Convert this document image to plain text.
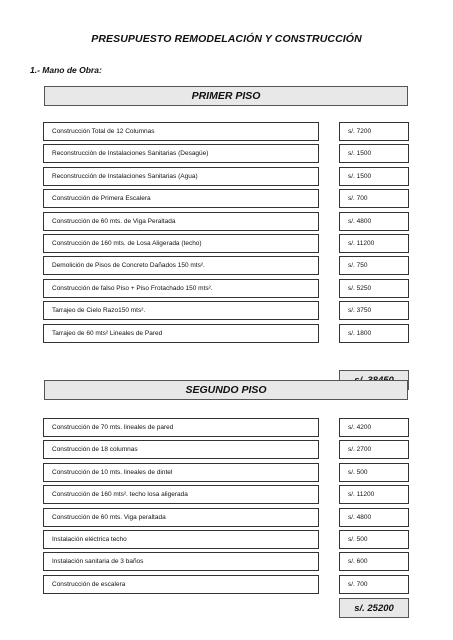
PRESUPUESTO REMODELACIÓN Y CONSTRUCCIÓN
1.- Mano de Obra:
PRIMER PISO
Construcción Total de 12 Columnas	s/. 7200
Reconstrucción de Instalaciones Sanitarias (Desagüe)	s/. 1500
Reconstrucción de Instalaciones Sanitarias (Agua)	s/. 1500
Construcción de Primera Escalera	s/. 700
Construcción de 60 mts. de Viga Peraltada	s/. 4800
Construcción de 160 mts. de Losa Aligerada (techo)	s/. 11200
Demolición de Pisos de Concreto Dañados 150 mts².	s/. 750
Construcción de falso Piso + Piso Frotachado 150 mts².	s/. 5250
Tarrajeo de Cielo Razo150 mts².	s/. 3750
Tarrajeo de 60 mts² Lineales de Pared	s/. 1800
SEGUNDO PISO
Construcción de 70 mts. lineales de pared	s/. 4200
Construcción de 18 columnas	s/. 2700
Construcción de 10 mts. lineales de dintel	s/. 500
Construcción de 160 mts². techo losa aligerada	s/. 11200
Construcción de 60 mts. Viga peraltada	s/. 4800
Instalación eléctrica techo	s/. 500
Instalación sanitaria de 3 baños	s/. 600
Construcción de escalera	s/. 700
s/. 25200
